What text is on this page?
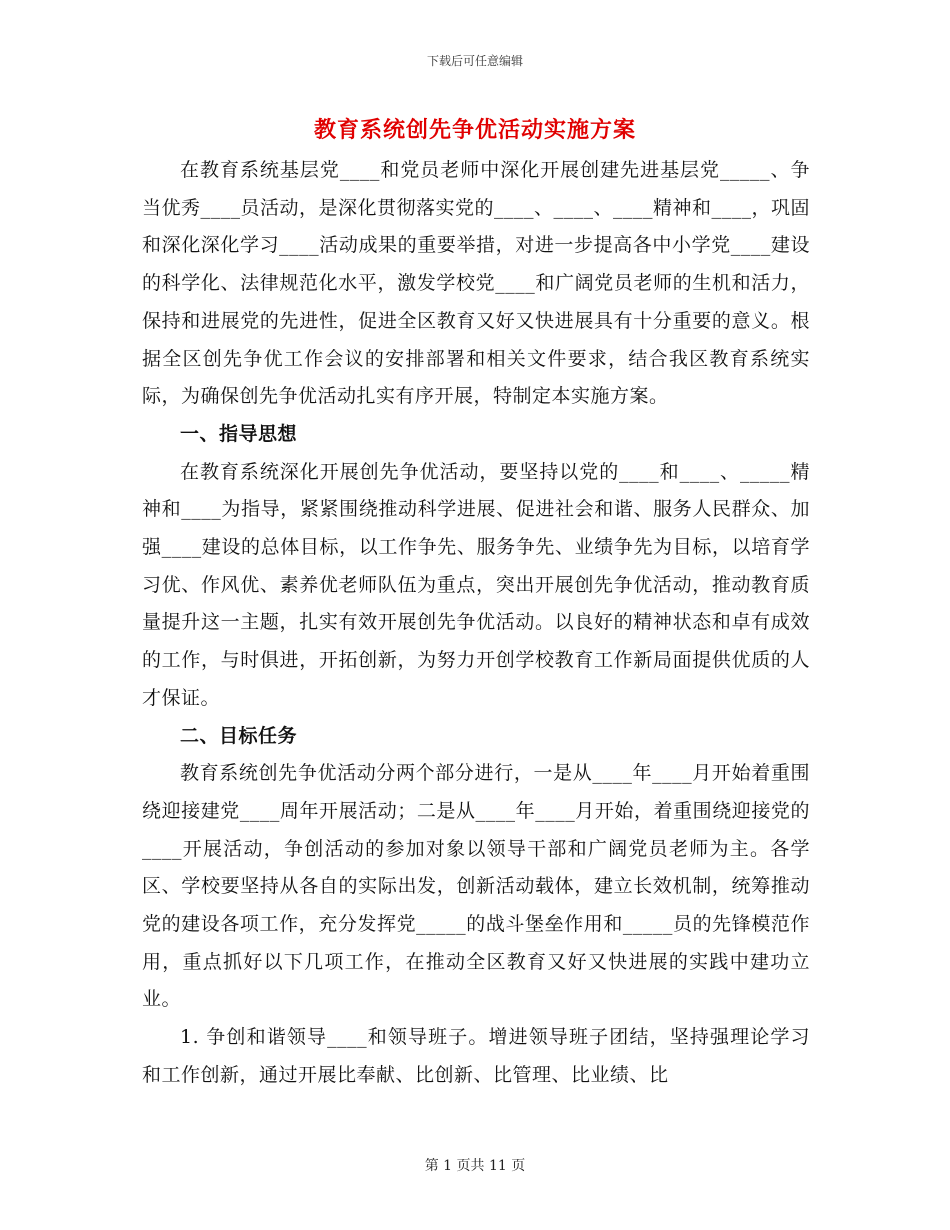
下载后可任意编辑
教育系统创先争优活动实施方案

在教育系统基层党____和党员老师中深化开展创建先进基层党_____、争当优秀____员活动，是深化贯彻落实党的____、____、____精神和____，巩固和深化深化学习____活动成果的重要举措，对进一步提高各中小学党____建设的科学化、法律规范化水平，激发学校党____和广阔党员老师的生机和活力，保持和进展党的先进性，促进全区教育又好又快进展具有十分重要的意义。根据全区创先争优工作会议的安排部署和相关文件要求，结合我区教育系统实际，为确保创先争优活动扎实有序开展，特制定本实施方案。

一、指导思想

在教育系统深化开展创先争优活动，要坚持以党的____和____、_____精神和____为指导，紧紧围绕推动科学进展、促进社会和谐、服务人民群众、加强____建设的总体目标，以工作争先、服务争先、业绩争先为目标，以培育学习优、作风优、素养优老师队伍为重点，突出开展创先争优活动，推动教育质量提升这一主题，扎实有效开展创先争优活动。以良好的精神状态和卓有成效的工作，与时俱进，开拓创新，为努力开创学校教育工作新局面提供优质的人才保证。

二、目标任务

教育系统创先争优活动分两个部分进行，一是从____年____月开始着重围绕迎接建党____周年开展活动；二是从____年____月开始，着重围绕迎接党的____开展活动，争创活动的参加对象以领导干部和广阔党员老师为主。各学区、学校要坚持从各自的实际出发，创新活动载体，建立长效机制，统筹推动党的建设各项工作，充分发挥党_____的战斗堡垒作用和_____员的先锋模范作用，重点抓好以下几项工作，在推动全区教育又好又快进展的实践中建功立业。

1. 争创和谐领导____和领导班子。增进领导班子团结，坚持强理论学习和工作创新，通过开展比奉献、比创新、比管理、比业绩、比

第 1 页共 11 页
